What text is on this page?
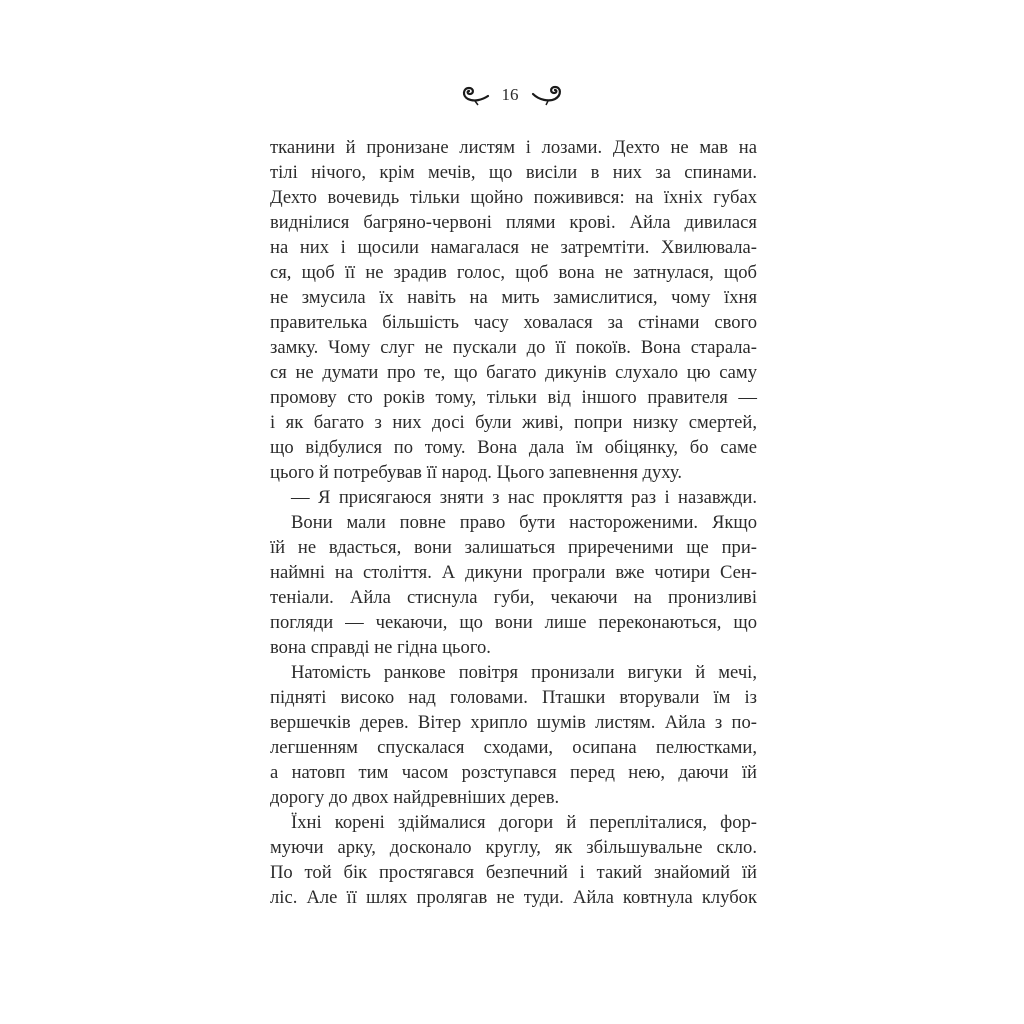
16
тканини й пронизане листям і лозами. Дехто не мав на
тілі нічого, крім мечів, що висіли в них за спинами.
Дехто вочевидь тільки щойно поживився: на їхніх губах
виднілися багряно-червоні плями крові. Айла дивилася
на них і щосили намагалася не затремтіти. Хвилювала-
ся, щоб її не зрадив голос, щоб вона не затнулася, щоб
не змусила їх навіть на мить замислитися, чому їхня
правителька більшість часу ховалася за стінами свого
замку. Чому слуг не пускали до її покоїв. Вона старала-
ся не думати про те, що багато дикунів слухало цю саму
промову сто років тому, тільки від іншого правителя —
і як багато з них досі були живі, попри низку смертей,
що відбулися по тому. Вона дала їм обіцянку, бо саме
цього й потребував її народ. Цього запевнення духу.
— Я присягаюся зняти з нас прокляття раз і назавжди.
Вони мали повне право бути настороженими. Якщо
їй не вдасться, вони залишаться приреченими ще при-
наймні на століття. А дикуни програли вже чотири Сен-
теніали. Айла стиснула губи, чекаючи на пронизливі
погляди — чекаючи, що вони лише переконаються, що
вона справді не гідна цього.
Натомість ранкове повітря пронизали вигуки й мечі,
підняті високо над головами. Пташки вторували їм із
вершечків дерев. Вітер хрипло шумів листям. Айла з по-
легшенням спускалася сходами, осипана пелюстками,
а натовп тим часом розступався перед нею, даючи їй
дорогу до двох найдревніших дерев.
Їхні корені здіймалися догори й перепліталися, фор-
муючи арку, досконало круглу, як збільшувальне скло.
По той бік простягався безпечний і такий знайомий їй
ліс. Але її шлях пролягав не туди. Айла ковтнула клубок
